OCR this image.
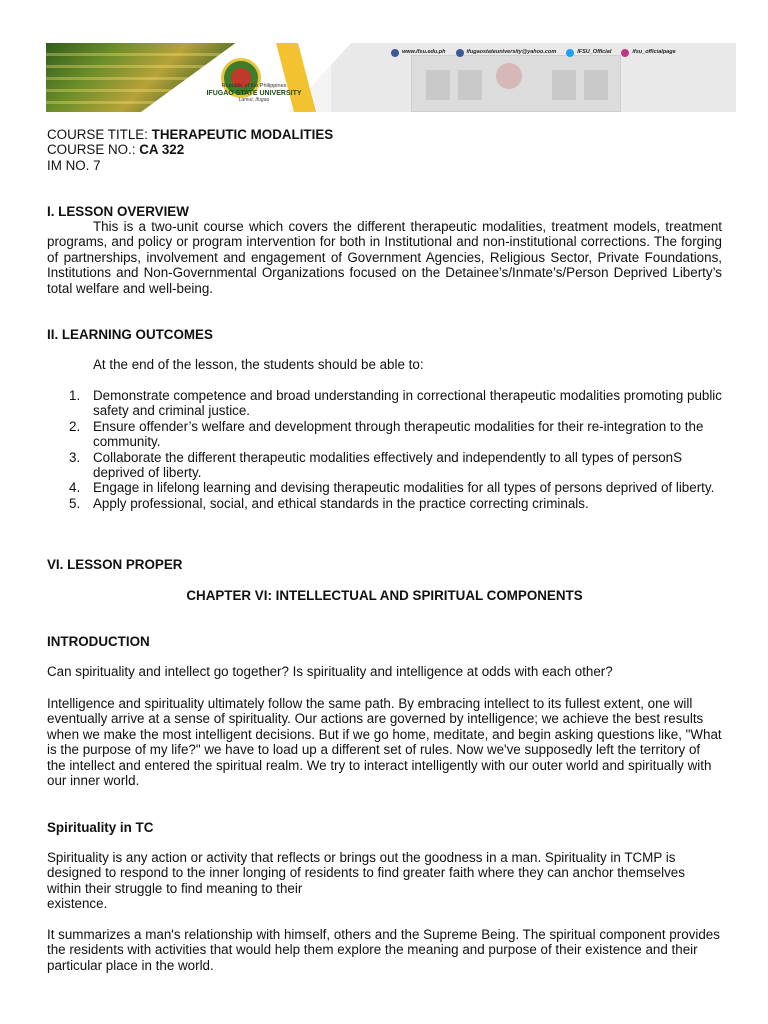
Republic of the Philippines
IFUGAO STATE UNIVERSITY
Lamut, Ifugao
www.ifsu.edu.ph	ifugaostateuniversity@yahoo.com	IFSU_Official	ifsu_officialpage
COURSE TITLE: THERAPEUTIC MODALITIES
COURSE NO.: CA 322
IM NO. 7
I. LESSON OVERVIEW
This is a two-unit course which covers the different therapeutic modalities, treatment models, treatment programs, and policy or program intervention for both in Institutional and non-institutional corrections. The forging of partnerships, involvement and engagement of Government Agencies, Religious Sector, Private Foundations, Institutions and Non-Governmental Organizations focused on the Detainee’s/Inmate’s/Person Deprived Liberty’s total welfare and well-being.
II. LEARNING OUTCOMES
At the end of the lesson, the students should be able to:
1. Demonstrate competence and broad understanding in correctional therapeutic modalities promoting public safety and criminal justice.
2. Ensure offender’s welfare and development through therapeutic modalities for their re-integration to the community.
3. Collaborate the different therapeutic modalities effectively and independently to all types of personS deprived of liberty.
4. Engage in lifelong learning and devising therapeutic modalities for all types of persons deprived of liberty.
5. Apply professional, social, and ethical standards in the practice correcting criminals.
VI. LESSON PROPER
CHAPTER VI: INTELLECTUAL AND SPIRITUAL COMPONENTS
INTRODUCTION
Can spirituality and intellect go together? Is spirituality and intelligence at odds with each other?
Intelligence and spirituality ultimately follow the same path. By embracing intellect to its fullest extent, one will eventually arrive at a sense of spirituality. Our actions are governed by intelligence; we achieve the best results when we make the most intelligent decisions. But if we go home, meditate, and begin asking questions like, "What is the purpose of my life?" we have to load up a different set of rules. Now we've supposedly left the territory of the intellect and entered the spiritual realm. We try to interact intelligently with our outer world and spiritually with our inner world.
Spirituality in TC
Spirituality is any action or activity that reflects or brings out the goodness in a man. Spirituality in TCMP is designed to respond to the inner longing of residents to find greater faith where they can anchor themselves within their struggle to find meaning to their
existence.
It summarizes a man's relationship with himself, others and the Supreme Being. The spiritual component provides the residents with activities that would help them explore the meaning and purpose of their existence and their particular place in the world.
